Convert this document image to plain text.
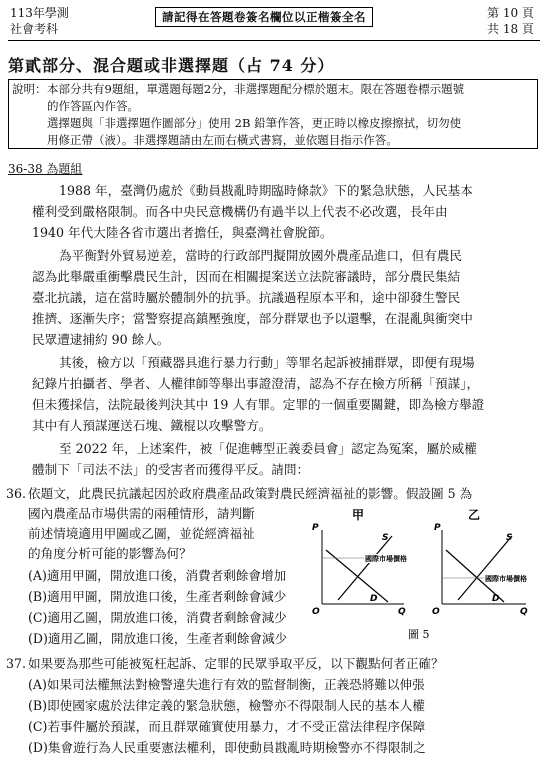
113年學測
社會考科
請記得在答題卷簽名欄位以正楷簽全名	第 10 頁
共 18 頁
第貳部分、混合題或非選擇題（占 74 分）
說明： 本部分共有9題組，單選題每題2分，非選擇題配分標於題末。限在答題卷標示題號
的作答區內作答。
選擇題與「非選擇題作圖部分」使用 2B 鉛筆作答，更正時以橡皮擦擦拭，切勿使
用修正帶（液）。非選擇題請由左而右橫式書寫，並依題目指示作答。
36-38 為題組
1988 年，臺灣仍處於《動員戡亂時期臨時條款》下的緊急狀態，人民基本
權利受到嚴格限制。而各中央民意機構仍有過半以上代表不必改選，長年由
1940 年代大陸各省市選出者擔任，與臺灣社會脫節。
為平衡對外貿易逆差，當時的行政部門擬開放國外農產品進口，但有農民
認為此舉嚴重衝擊農民生計，因而在相關提案送立法院審議時，部分農民集結
臺北抗議，這在當時屬於體制外的抗爭。抗議過程原本平和，途中卻發生警民
推擠、逐漸失序；當警察提高鎮壓強度，部分群眾也予以還擊，在混亂與衝突中
民眾遭逮捕約 90 餘人。
其後，檢方以「預藏器具進行暴力行動」等罪名起訴被捕群眾，即便有現場
紀錄片拍攝者、學者、人權律師等舉出事證澄清，認為不存在檢方所稱「預謀」，
但未獲採信，法院最後判決其中 19 人有罪。定罪的一個重要關鍵，即為檢方舉證
其中有人預謀運送石塊、鐵棍以攻擊警方。
至 2022 年，上述案件，被「促進轉型正義委員會」認定為冤案，屬於威權
體制下「司法不法」的受害者而獲得平反。請問：
36. 依題文，此農民抗議起因於政府農產品政策對農民經濟福祉的影響。假設圖 5 為
國內農產品市場供需的兩種情形，請判斷
前述情境適用甲圖或乙圖，並從經濟福祉
的角度分析可能的影響為何？
(A)適用甲圖，開放進口後，消費者剩餘會增加
(B)適用甲圖，開放進口後，生產者剩餘會減少
(C)適用乙圖，開放進口後，消費者剩餘會減少
(D)適用乙圖，開放進口後，生產者剩餘會減少
甲
P
O	Q
S
D
國際市場價格
乙
P
O	Q
S
D
國際市場價格
圖 5
37. 如果要為那些可能被冤枉起訴、定罪的民眾爭取平反，以下觀點何者正確？
(A)如果司法權無法對檢警違失進行有效的監督制衡，正義恐將難以伸張
(B)即使國家處於法律定義的緊急狀態，檢警亦不得限制人民的基本人權
(C)若事件屬於預謀，而且群眾確實使用暴力，才不受正當法律程序保障
(D)集會遊行為人民重要憲法權利，即使動員戡亂時期檢警亦不得限制之
